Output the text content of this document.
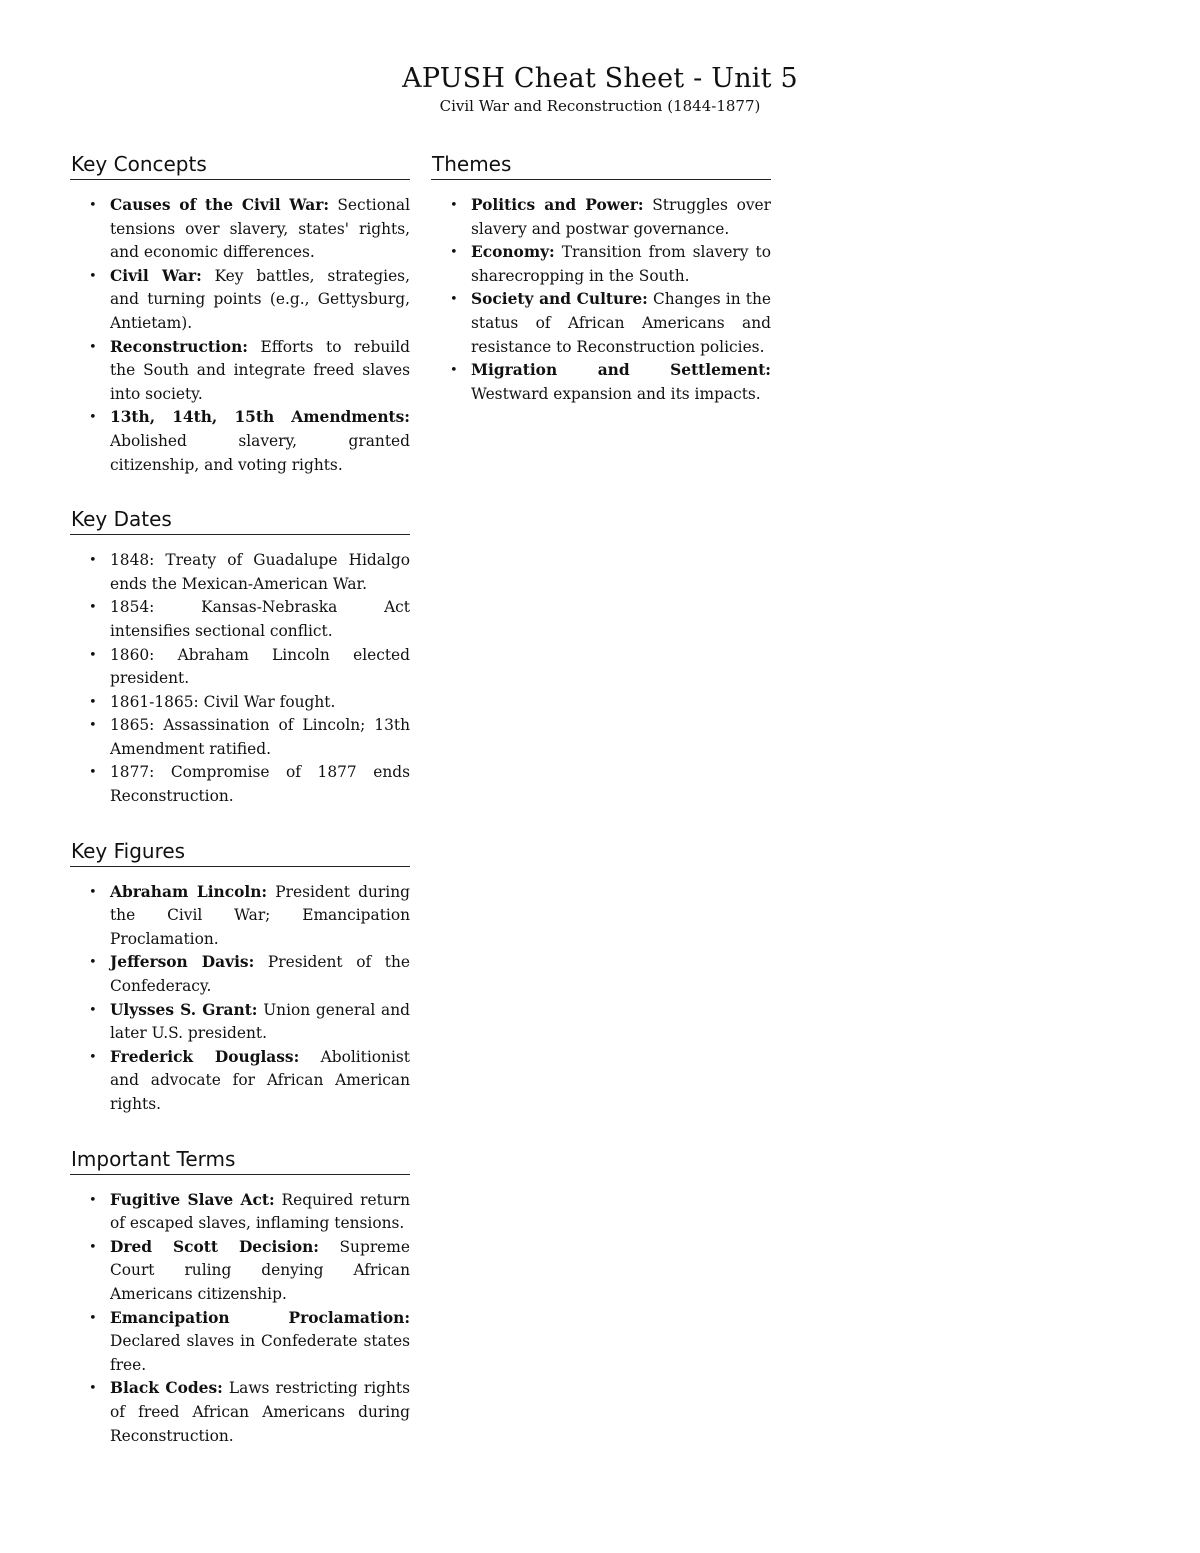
APUSH Cheat Sheet - Unit 5

Civil War and Reconstruction (1844-1877)

Key Concepts
• Causes of the Civil War: Sectional tensions over slavery, states' rights, and economic differences.
• Civil War: Key battles, strategies, and turning points (e.g., Gettysburg, Antietam).
• Reconstruction: Efforts to rebuild the South and integrate freed slaves into society.
• 13th, 14th, 15th Amendments: Abolished slavery, granted citizenship, and voting rights.
Key Dates
• 1848: Treaty of Guadalupe Hidalgo ends the Mexican-American War.
• 1854: Kansas-Nebraska Act intensifies sectional conflict.
• 1860: Abraham Lincoln elected president.
• 1861-1865: Civil War fought.
• 1865: Assassination of Lincoln; 13th Amendment ratified.
• 1877: Compromise of 1877 ends Reconstruction.
Key Figures
• Abraham Lincoln: President during the Civil War; Emancipation Proclamation.
• Jefferson Davis: President of the Confederacy.
• Ulysses S. Grant: Union general and later U.S. president.
• Frederick Douglass: Abolitionist and advocate for African American rights.
Important Terms
• Fugitive Slave Act: Required return of escaped slaves, inflaming tensions.
• Dred Scott Decision: Supreme Court ruling denying African Americans citizenship.
• Emancipation Proclamation: Declared slaves in Confederate states free.
• Black Codes: Laws restricting rights of freed African Americans during Reconstruction.
Themes
• Politics and Power: Struggles over slavery and postwar governance.
• Economy: Transition from slavery to sharecropping in the South.
• Society and Culture: Changes in the status of African Americans and resistance to Reconstruction policies.
• Migration and Settlement: Westward expansion and its impacts.
